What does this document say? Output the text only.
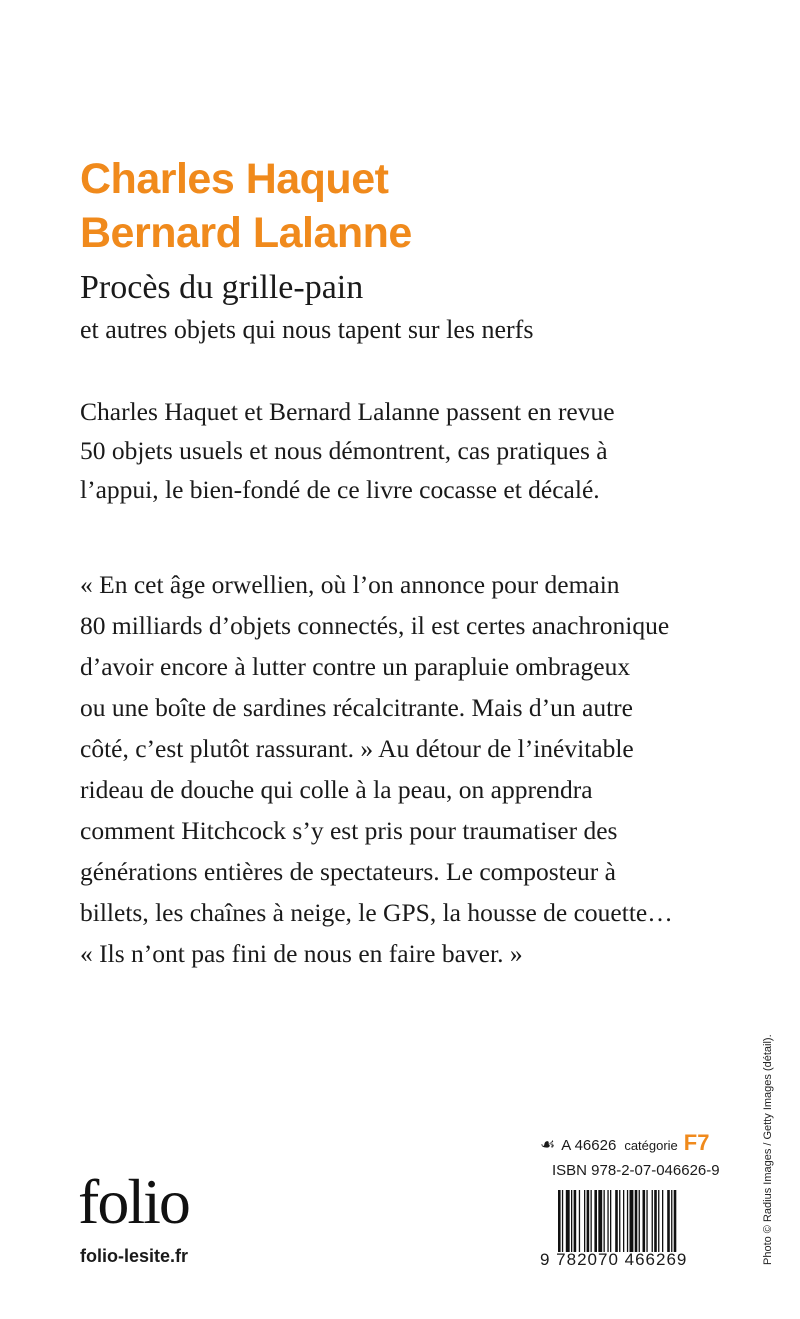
Charles Haquet
Bernard Lalanne
Procès du grille-pain
et autres objets qui nous tapent sur les nerfs
Charles Haquet et Bernard Lalanne passent en revue
50 objets usuels et nous démontrent, cas pratiques à
l’appui, le bien-fondé de ce livre cocasse et décalé.
« En cet âge orwellien, où l’on annonce pour demain
80 milliards d’objets connectés, il est certes anachronique
d’avoir encore à lutter contre un parapluie ombrageux
ou une boîte de sardines récalcitrante. Mais d’un autre
côté, c’est plutôt rassurant. » Au détour de l’inévitable
rideau de douche qui colle à la peau, on apprendra
comment Hitchcock s’y est pris pour traumatiser des
générations entières de spectateurs. Le composteur à
billets, les chaînes à neige, le GPS, la housse de couette…
« Ils n’ont pas fini de nous en faire baver. »
Photo © Radius Images / Getty Images (détail).
☙ A 46626 catégorie F7
ISBN 978-2-07-046626-9
9 782070 466269
folio
folio-lesite.fr
